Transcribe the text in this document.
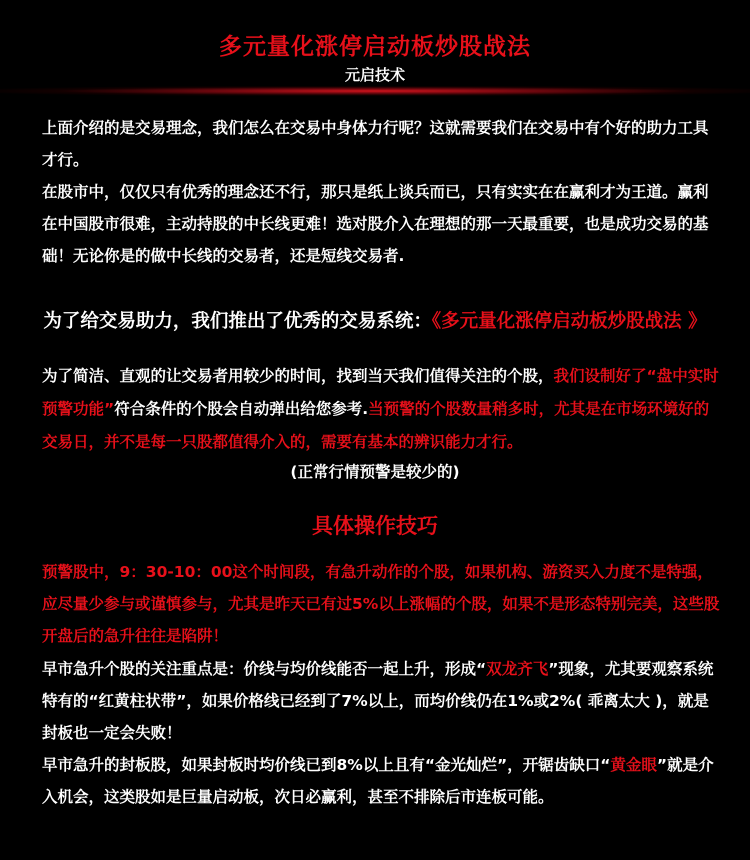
多元量化涨停启动板炒股战法
元启技术

上面介绍的是交易理念，我们怎么在交易中身体力行呢？这就需要我们在交易中有个好的助力工具才行。

在股市中，仅仅只有优秀的理念还不行，那只是纸上谈兵而已，只有实实在在赢利才为王道。赢利在中国股市很难，主动持股的中长线更难！选对股介入在理想的那一天最重要，也是成功交易的基础！无论你是的做中长线的交易者，还是短线交易者.

为了给交易助力，我们推出了优秀的交易系统：《多元量化涨停启动板炒股战法 》

为了简洁、直观的让交易者用较少的时间，找到当天我们值得关注的个股，我们设制好了“盘中实时预警功能”符合条件的个股会自动弹出给您参考.当预警的个股数量稍多时，尤其是在市场环境好的交易日，并不是每一只股都值得介入的，需要有基本的辨识能力才行。

(正常行情预警是较少的)
具体操作技巧

预警股中，9：30-10：00这个时间段，有急升动作的个股，如果机构、游资买入力度不是特强，应尽量少参与或谨慎参与，尤其是昨天已有过5%以上涨幅的个股，如果不是形态特别完美，这些股开盘后的急升往往是陷阱！

早市急升个股的关注重点是：价线与均价线能否一起上升，形成“双龙齐飞”现象，尤其要观察系统特有的“红黄柱状带”，如果价格线已经到了7%以上，而均价线仍在1%或2%( 乖离太大 )，就是封板也一定会失败！

早市急升的封板股，如果封板时均价线已到8%以上且有“金光灿烂”，开锯齿缺口“黄金眼”就是介入机会，这类股如是巨量启动板，次日必赢利，甚至不排除后市连板可能。
